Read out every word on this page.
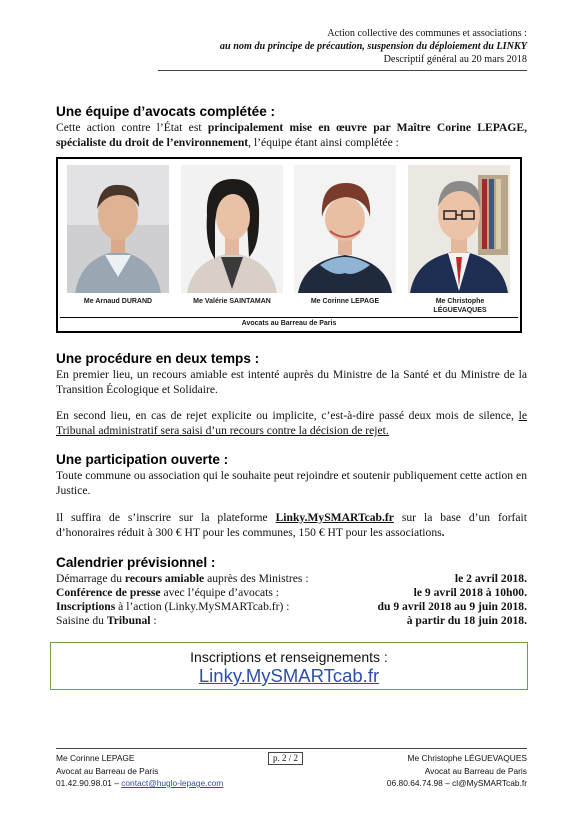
Action collective des communes et associations :
au nom du principe de précaution, suspension du déploiement du LINKY
Descriptif général au 20 mars 2018
Une équipe d’avocats complétée :
Cette action contre l’État est principalement mise en œuvre par Maître Corine LEPAGE, spécialiste du droit de l’environnement, l’équipe étant ainsi complétée :
Me Arnaud DURAND	Me Valérie SAINTAMAN	Me Corinne LEPAGE	Me Christophe LÉGUEVAQUES
Avocats au Barreau de Paris
Une procédure en deux temps :
En premier lieu, un recours amiable est intenté auprès du Ministre de la Santé et du Ministre de la Transition Écologique et Solidaire.
En second lieu, en cas de rejet explicite ou implicite, c’est-à-dire passé deux mois de silence, le Tribunal administratif sera saisi d’un recours contre la décision de rejet.
Une participation ouverte :
Toute commune ou association qui le souhaite peut rejoindre et soutenir publiquement cette action en Justice.
Il suffira de s’inscrire sur la plateforme Linky.MySMARTcab.fr sur la base d’un forfait d’honoraires réduit à 300 € HT pour les communes, 150 € HT pour les associations.
Calendrier prévisionnel :
Démarrage du recours amiable auprès des Ministres :	le 2 avril 2018.
Conférence de presse avec l’équipe d’avocats :	le 9 avril 2018 à 10h00.
Inscriptions à l’action (Linky.MySMARTcab.fr) :	du 9 avril 2018 au 9 juin 2018.
Saisine du Tribunal :	à partir du 18 juin 2018.
Inscriptions et renseignements :
Linky.MySMARTcab.fr
Me Corinne LEPAGE
Avocat au Barreau de Paris
01.42.90.98.01 – contact@huglo-lepage.com
p. 2 / 2	Me Christophe LÉGUEVAQUES
Avocat au Barreau de Paris
06.80.64.74.98 – cl@MySMARTcab.fr
